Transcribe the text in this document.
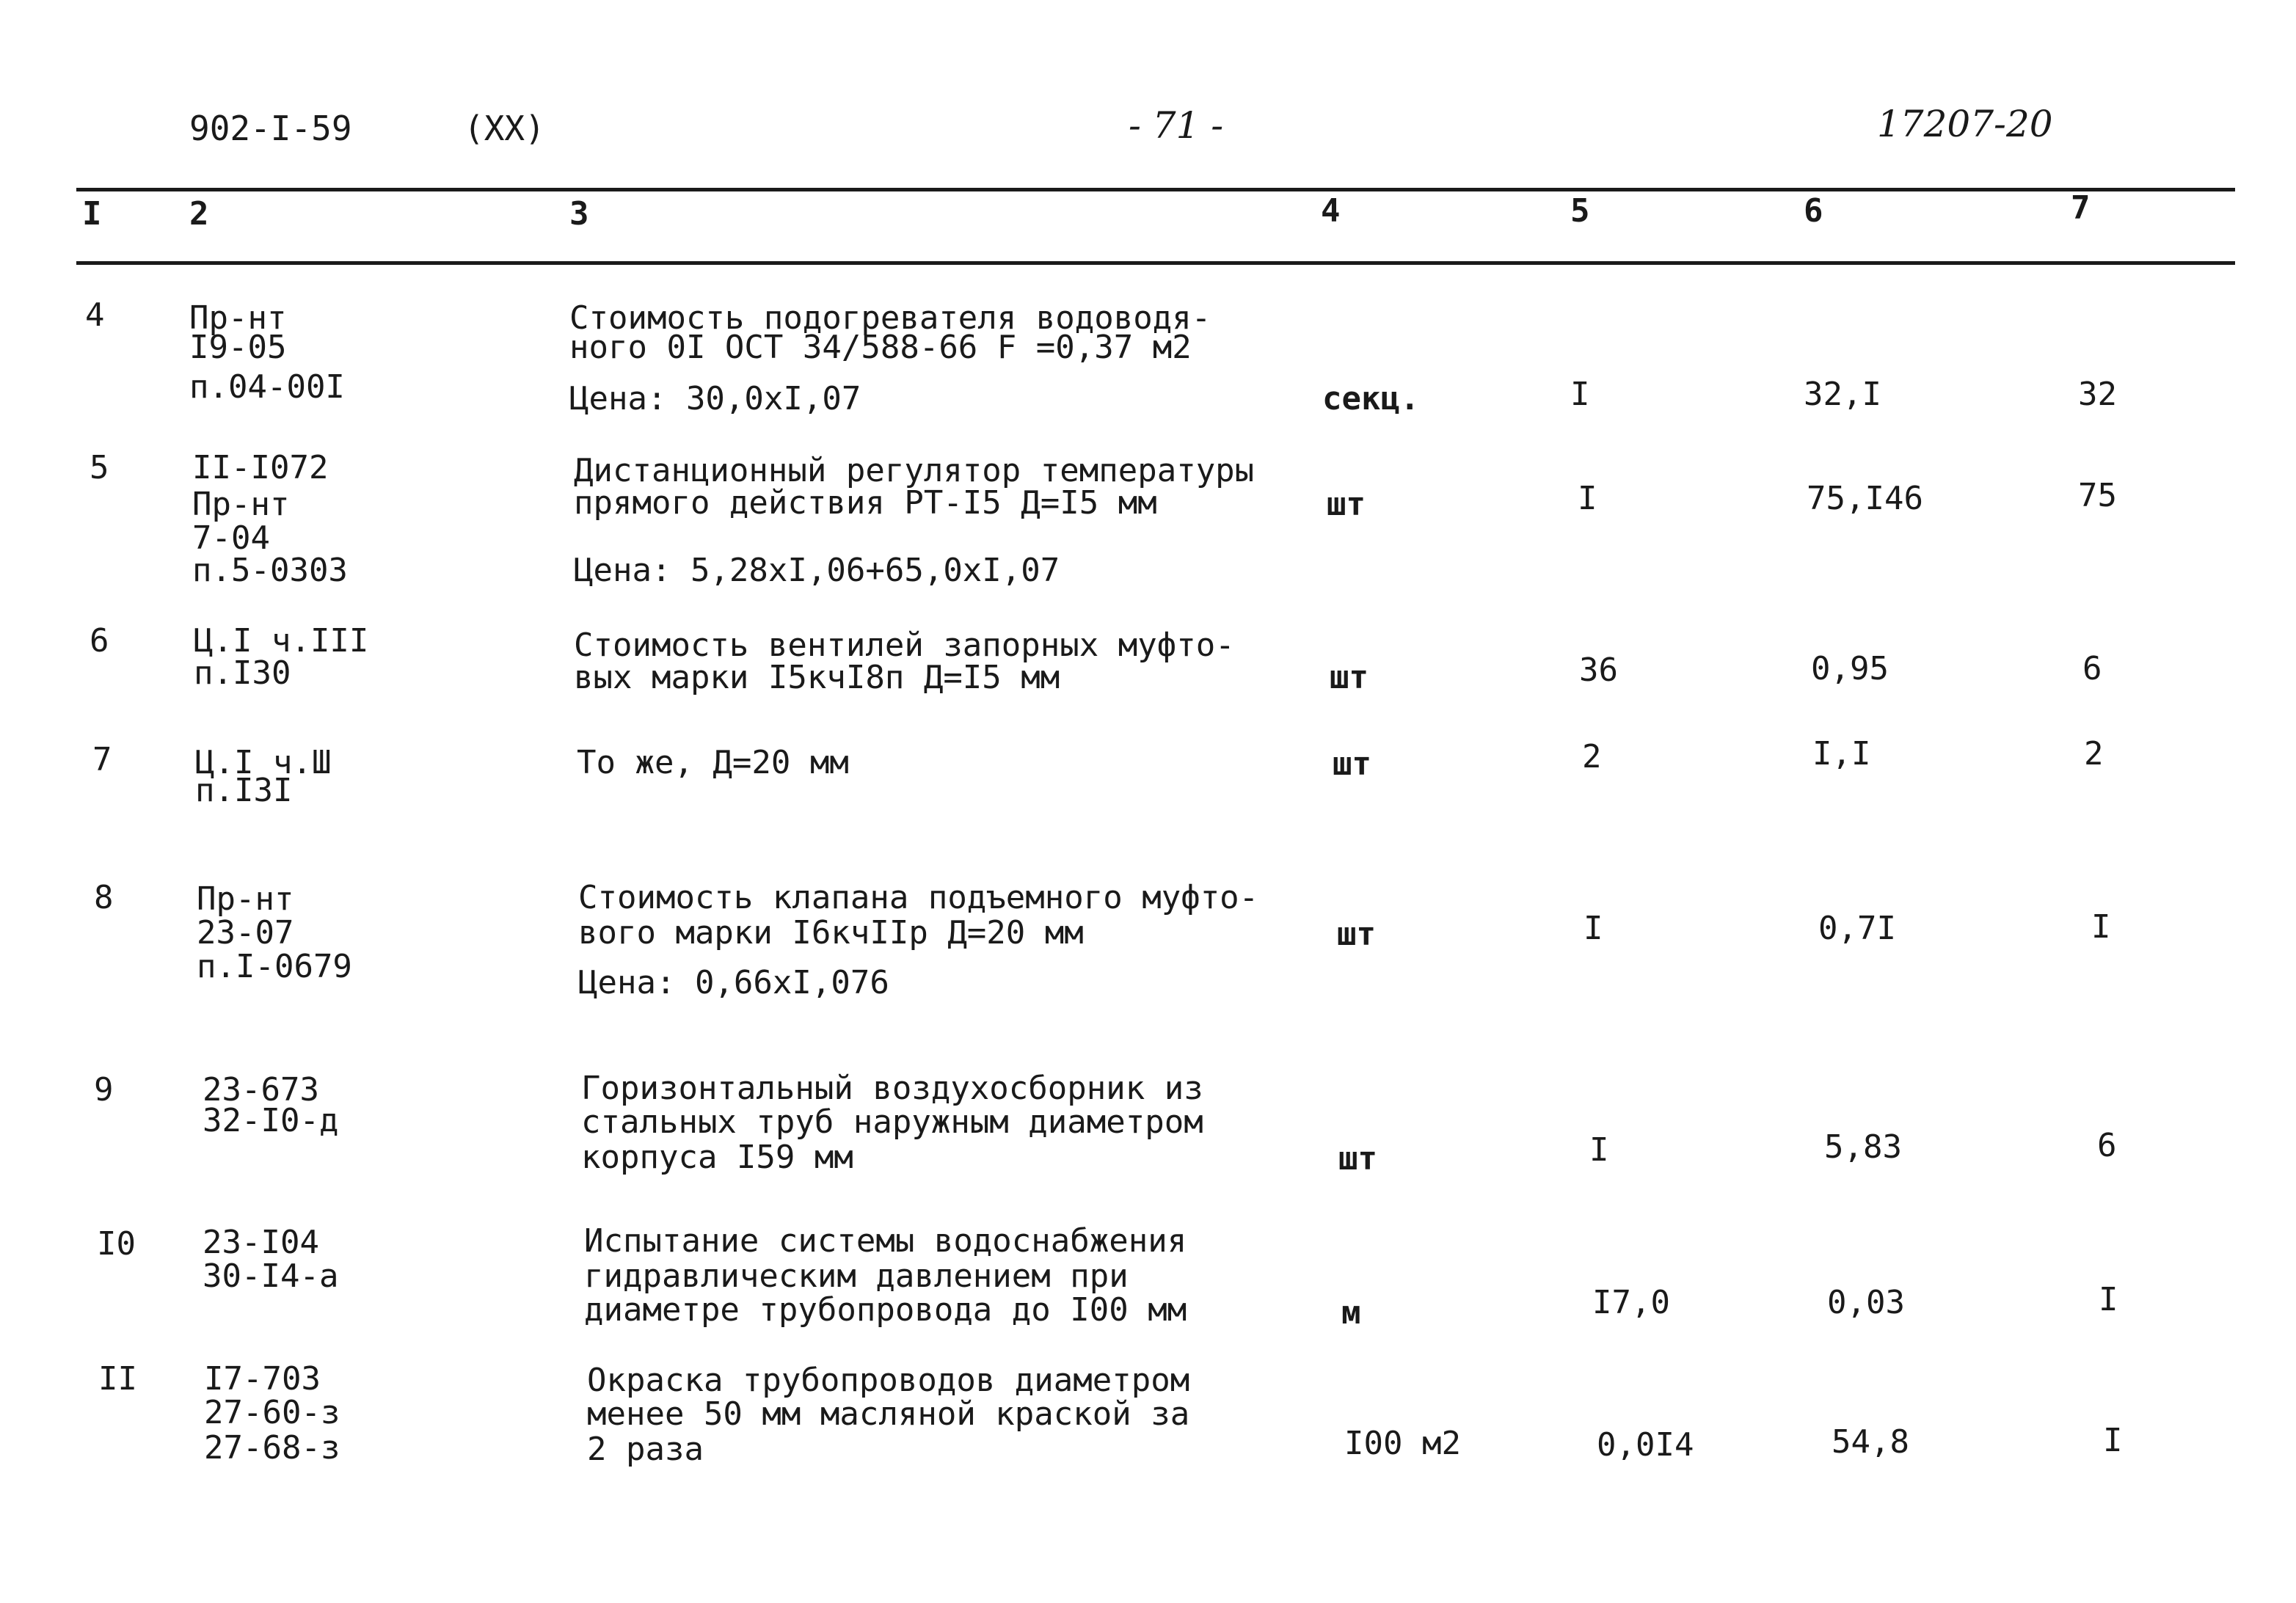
902-I-59	(XX)	- 71 -	17207-20
I	2	3	4	5	6	7
4	Пр-нт
I9-05
п.04-00I
Стоимость подогревателя водоводя-
ного 0I ОСТ 34/588-66 F =0,37 м2
Цена: 30,0хI,07	секц.	I	32,I	32
5	II-I072
Пр-нт
7-04
п.5-0303
Дистанционный регулятор температуры
прямого действия РТ-I5 Д=I5 мм
Цена: 5,28хI,06+65,0хI,07
шт	I	75,I46	75
6	Ц.I ч.III
п.I30
Стоимость вентилей запорных муфто-
вых марки I5кчI8п Д=I5 мм	шт	36	0,95	6
7	Ц.I ч.Ш
п.I3I
То же, Д=20 мм	шт	2	I,I	2
8	Пр-нт
23-07
п.I-0679
Стоимость клапана подъемного муфто-
вого марки I6кчIIр Д=20 мм
Цена: 0,66хI,076
шт	I	0,7I	I
9	23-673
32-I0-д
Горизонтальный воздухосборник из
стальных труб наружным диаметром
корпуса I59 мм	шт	I	5,83	6
I0 23-I04
30-I4-а
Испытание системы водоснабжения
гидравлическим давлением при
диаметре трубопровода до I00 мм	м	I7,0	0,03	I
II I7-703
27-60-з
27-68-з
Окраска трубопроводов диаметром
менее 50 мм масляной краской за
2 раза	I00 м2	0,0I4	54,8	I
